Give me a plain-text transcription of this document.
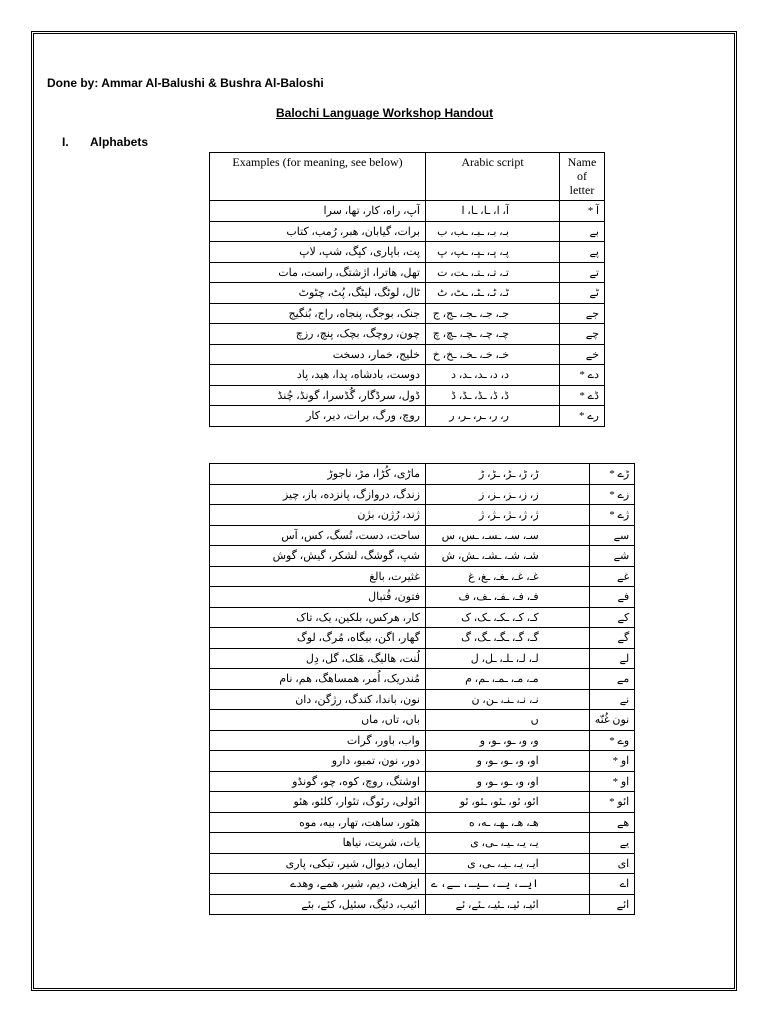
Done by: Ammar Al-Balushi & Bushra Al-Baloshi
Balochi Language Workshop Handout
I. Alphabets
Examples (for meaning, see below)	Arabic script	Name of letter
آپ، راه، کار، تها، سرا	آ، ا، ـا، ـا، ا	آ *
برات، گیابان، هبر، رُمب، کتاب	بـ، بـ، ـبـ، ـب، ب	بے
پت، باپاری، کپگ، شپ، لاپ	پـ، پـ، ـپـ، ـپ، پ	پے
تهل، هاترا، اژشتگ، راست، مات	تـ، تـ، ـتـ، ـت، ت	تے
ٹال، لوٹگ، لیٹگ، پُٹ، چٹوٹ	ٹـ، ٹـ، ـٹـ، ـٹ، ٹ	ٹے
جنک، بوجگ، پنجاه، راج، بُنگیج	جـ، جـ، ـجـ، ـج، ج	جے
چون، روچگ، بچک، پنچ، رزچ	چـ، چـ، ـچـ، ـچ، چ	چے
خلیج، خمار، دسخت	خـ، خـ، ـخـ، ـخ، خ	خے
دوست، بادشاه، پدا، هید، پاد	د، د، ـد، ـد، د	دے *
ڈول، سرڈگار، گُڈسرا، گونڈ، چُنڈ	ڈ، ڈ، ـڈ، ـڈ، ڈ	ڈے *
روچ، ورگ، برات، دیر، کار	ر، ر، ـر، ـر، ر	رے *
ماڑی، کُڑا، مڑ، ناجوڑ	ڑ، ڑ، ـڑ، ـڑ، ڑ	ڑے *
زندگ، دروازگ، پانزده، باز، چیز	ز، ز، ـز، ـز، ز	زے *
ژند، رُژن، بژن	ژ، ژ، ـژ، ـژ، ژ	ژے *
ساحت، دست، تُسگ، کس، آس	سـ، سـ، ـسـ، ـس، س	سے
شپ، گوشگ، لشکر، گیش، گوش	شـ، شـ، ـشـ، ـش، ش	شے
غثیرت، بالغ	غـ، غـ، ـغـ، ـغ، غ	غے
فتون، فُتبال	فـ، فـ، ـفـ، ـف، ف	فے
کار، هرکس، بلکین، یک، تاک	کـ، کـ، ـکـ، ـک، ک	کے
گهار، اگن، بیگاه، مُرگ، لوگ	گـ، گـ، ـگـ، ـگ، گ	گے
لُنت، هالیگ، هَلک، گل، دِل	لـ، لـ، ـلـ، ـل، ل	لے
مُندریک، اُمر، همساهگ، هم، نام	مـ، مـ، ـمـ، ـم، م	مے
نون، باندا، کندگ، رژگن، دان	نـ، نـ، ـنـ، ـن، ن	نے
باں، تاں، ماں	ں	نون غُنّه
واب، باور، گرات	و، و، ـو، ـو، و	وے *
دور، نون، تمبو، دارو	او، و، ـو، ـو، و	او *
اوشتگ، روچ، کوه، چو، گونڈو	او، و، ـو، ـو، و	او *
ائولی، رئوگ، تئوار، کلئو، هئو	ائو، ئو، ـئو، ـئو، ئو	ائو *
هئور، ساهت، تهار، بیه، موه	هـ، هـ، ـهـ، ـه، ه	هے
یات، شریت، نیاها	یـ، یـ، ـیـ، ـی، ی	یے
ایمان، دیوال، شیر، تیکی، پاری	ایـ، یـ، ـیـ، ـی، ی	ای
ایزهت، دیم، شیر، همے، وهدے	ایـ، یـ، ـیـ، ـے، ے	اے
ائیب، دئیگ، سئیل، کئے، بئے	ائیـ، ئیـ، ـئیـ، ـئے، ئے	ائے
